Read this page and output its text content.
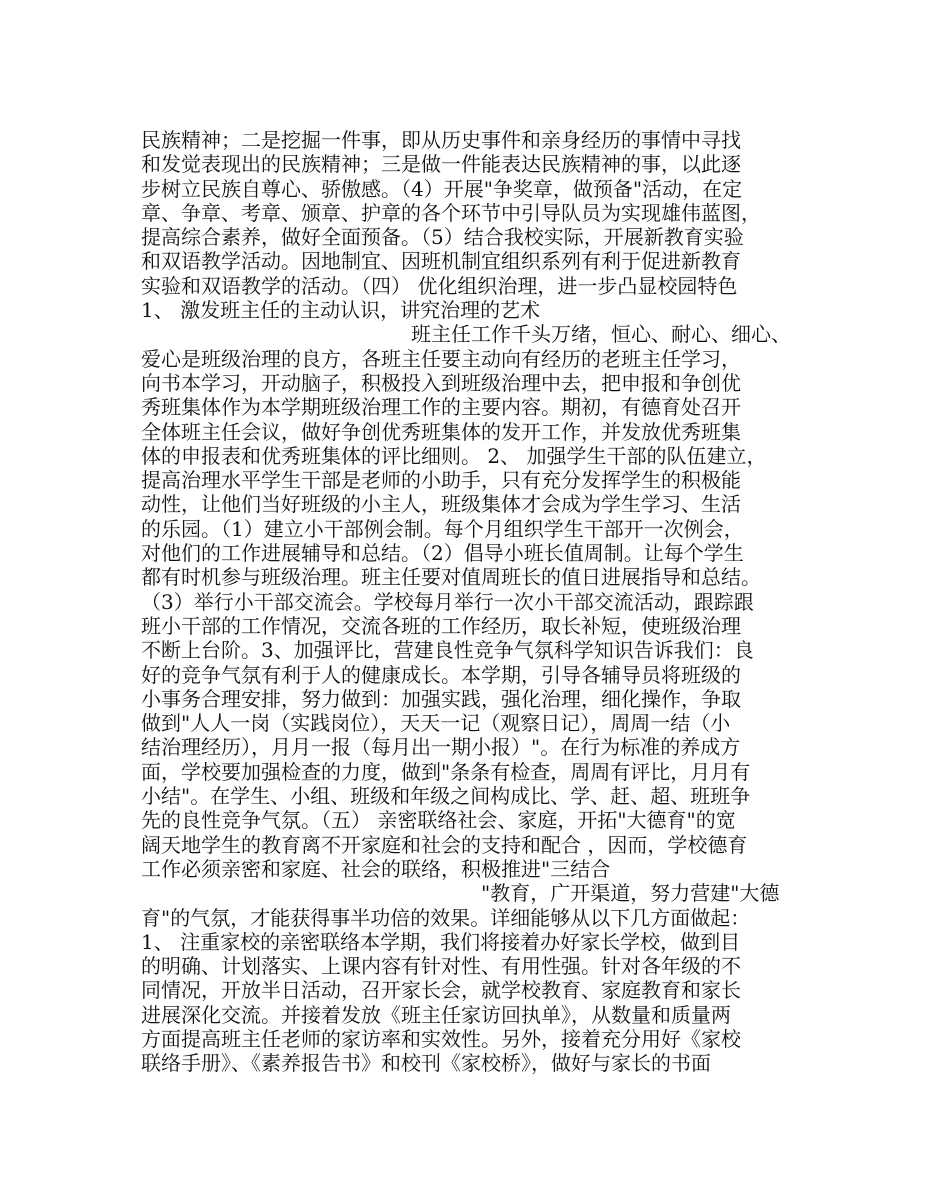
民族精神；二是挖掘一件事，即从历史事件和亲身经历的事情中寻找
和发觉表现出的民族精神；三是做一件能表达民族精神的事，以此逐
步树立民族自尊心、骄傲感。（4）开展"争奖章，做预备"活动，在定
章、争章、考章、颁章、护章的各个环节中引导队员为实现雄伟蓝图，
提高综合素养，做好全面预备。（5）结合我校实际，开展新教育实验
和双语教学活动。因地制宜、因班机制宜组织系列有利于促进新教育
实验和双语教学的活动。（四） 优化组织治理，进一步凸显校园特色
1、 激发班主任的主动认识，讲究治理的艺术
班主任工作千头万绪，恒心、耐心、细心、
爱心是班级治理的良方，各班主任要主动向有经历的老班主任学习，
向书本学习，开动脑子，积极投入到班级治理中去，把申报和争创优
秀班集体作为本学期班级治理工作的主要内容。期初，有德育处召开
全体班主任会议，做好争创优秀班集体的发开工作，并发放优秀班集
体的申报表和优秀班集体的评比细则。 2、 加强学生干部的队伍建立，
提高治理水平学生干部是老师的小助手，只有充分发挥学生的积极能
动性，让他们当好班级的小主人，班级集体才会成为学生学习、生活
的乐园。（1）建立小干部例会制。每个月组织学生干部开一次例会，
对他们的工作进展辅导和总结。（2）倡导小班长值周制。让每个学生
都有时机参与班级治理。班主任要对值周班长的值日进展指导和总结。
（3）举行小干部交流会。学校每月举行一次小干部交流活动，跟踪跟
班小干部的工作情况，交流各班的工作经历，取长补短，使班级治理
不断上台阶。3、加强评比，营建良性竞争气氛科学知识告诉我们：良
好的竞争气氛有利于人的健康成长。本学期，引导各辅导员将班级的
小事务合理安排，努力做到：加强实践，强化治理，细化操作，争取
做到"人人一岗（实践岗位），天天一记（观察日记），周周一结（小
结治理经历），月月一报（每月出一期小报）"。在行为标准的养成方
面，学校要加强检查的力度，做到"条条有检查，周周有评比，月月有
小结"。在学生、小组、班级和年级之间构成比、学、赶、超、班班争
先的良性竞争气氛。（五） 亲密联络社会、家庭，开拓"大德育"的宽
阔天地学生的教育离不开家庭和社会的支持和配合 ，因而，学校德育
工作必须亲密和家庭、社会的联络，积极推进"三结合
"教育，广开渠道，努力营建"大德
育"的气氛，才能获得事半功倍的效果。详细能够从以下几方面做起：
1、 注重家校的亲密联络本学期，我们将接着办好家长学校，做到目
的明确、计划落实、上课内容有针对性、有用性强。针对各年级的不
同情况，开放半日活动，召开家长会，就学校教育、家庭教育和家长
进展深化交流。并接着发放《班主任家访回执单》，从数量和质量两
方面提高班主任老师的家访率和实效性。另外，接着充分用好《家校
联络手册》、《素养报告书》和校刊《家校桥》，做好与家长的书面
